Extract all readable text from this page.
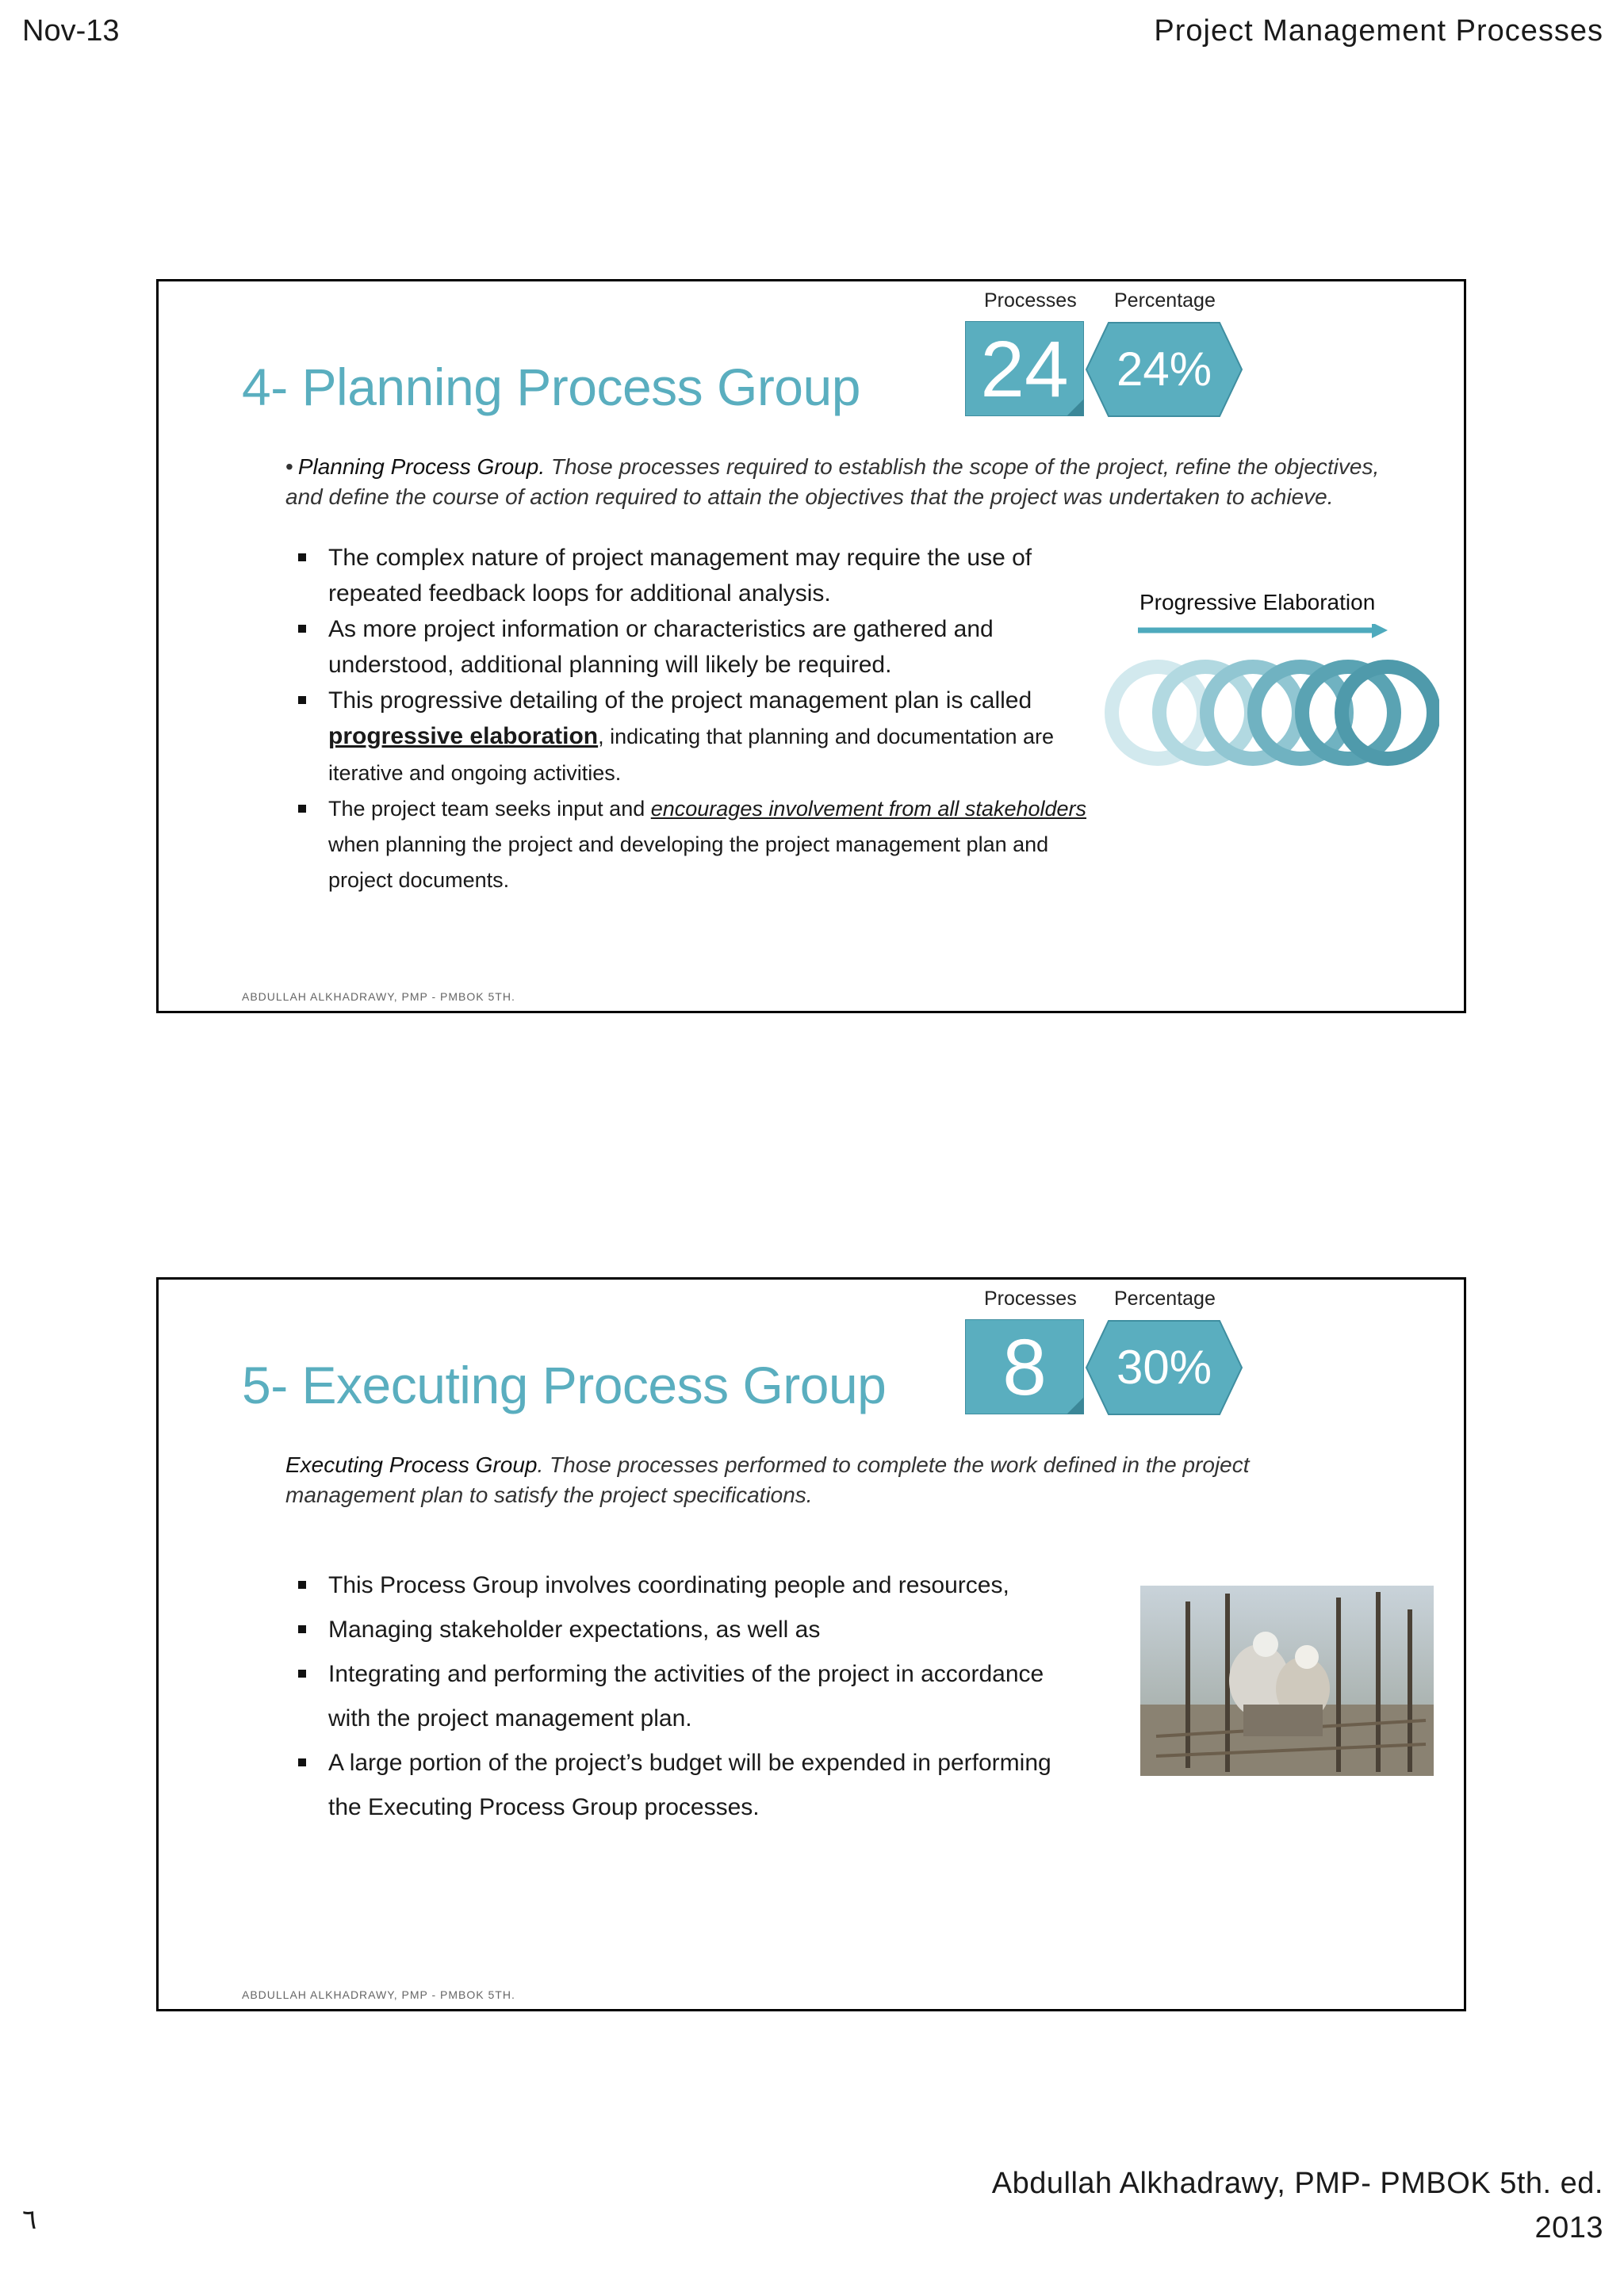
Nov-13	Project Management Processes
Processes Percentage
24	24%
4- Planning Process Group
• Planning Process Group. Those processes required to establish the scope of the project, refine the objectives, and define the course of action required to attain the objectives that the project was undertaken to achieve.
The complex nature of project management may require the use of repeated feedback loops for additional analysis.
As more project information or characteristics are gathered and understood, additional planning will likely be required.
This progressive detailing of the project management plan is called progressive elaboration, indicating that planning and documentation are iterative and ongoing activities.
The project team seeks input and encourages involvement from all stakeholders when planning the project and developing the project management plan and project documents.
Progressive Elaboration
ABDULLAH ALKHADRAWY, PMP - PMBOK 5TH.
Processes Percentage
8	30%
5- Executing Process Group
Executing Process Group. Those processes performed to complete the work defined in the project management plan to satisfy the project specifications.
This Process Group involves coordinating people and resources,
Managing stakeholder expectations, as well as
Integrating and performing the activities of the project in accordance with the project management plan.
A large portion of the project’s budget will be expended in performing the Executing Process Group processes.
ABDULLAH ALKHADRAWY, PMP - PMBOK 5TH.
Abdullah Alkhadrawy, PMP- PMBOK 5th. ed.
2013
٦
